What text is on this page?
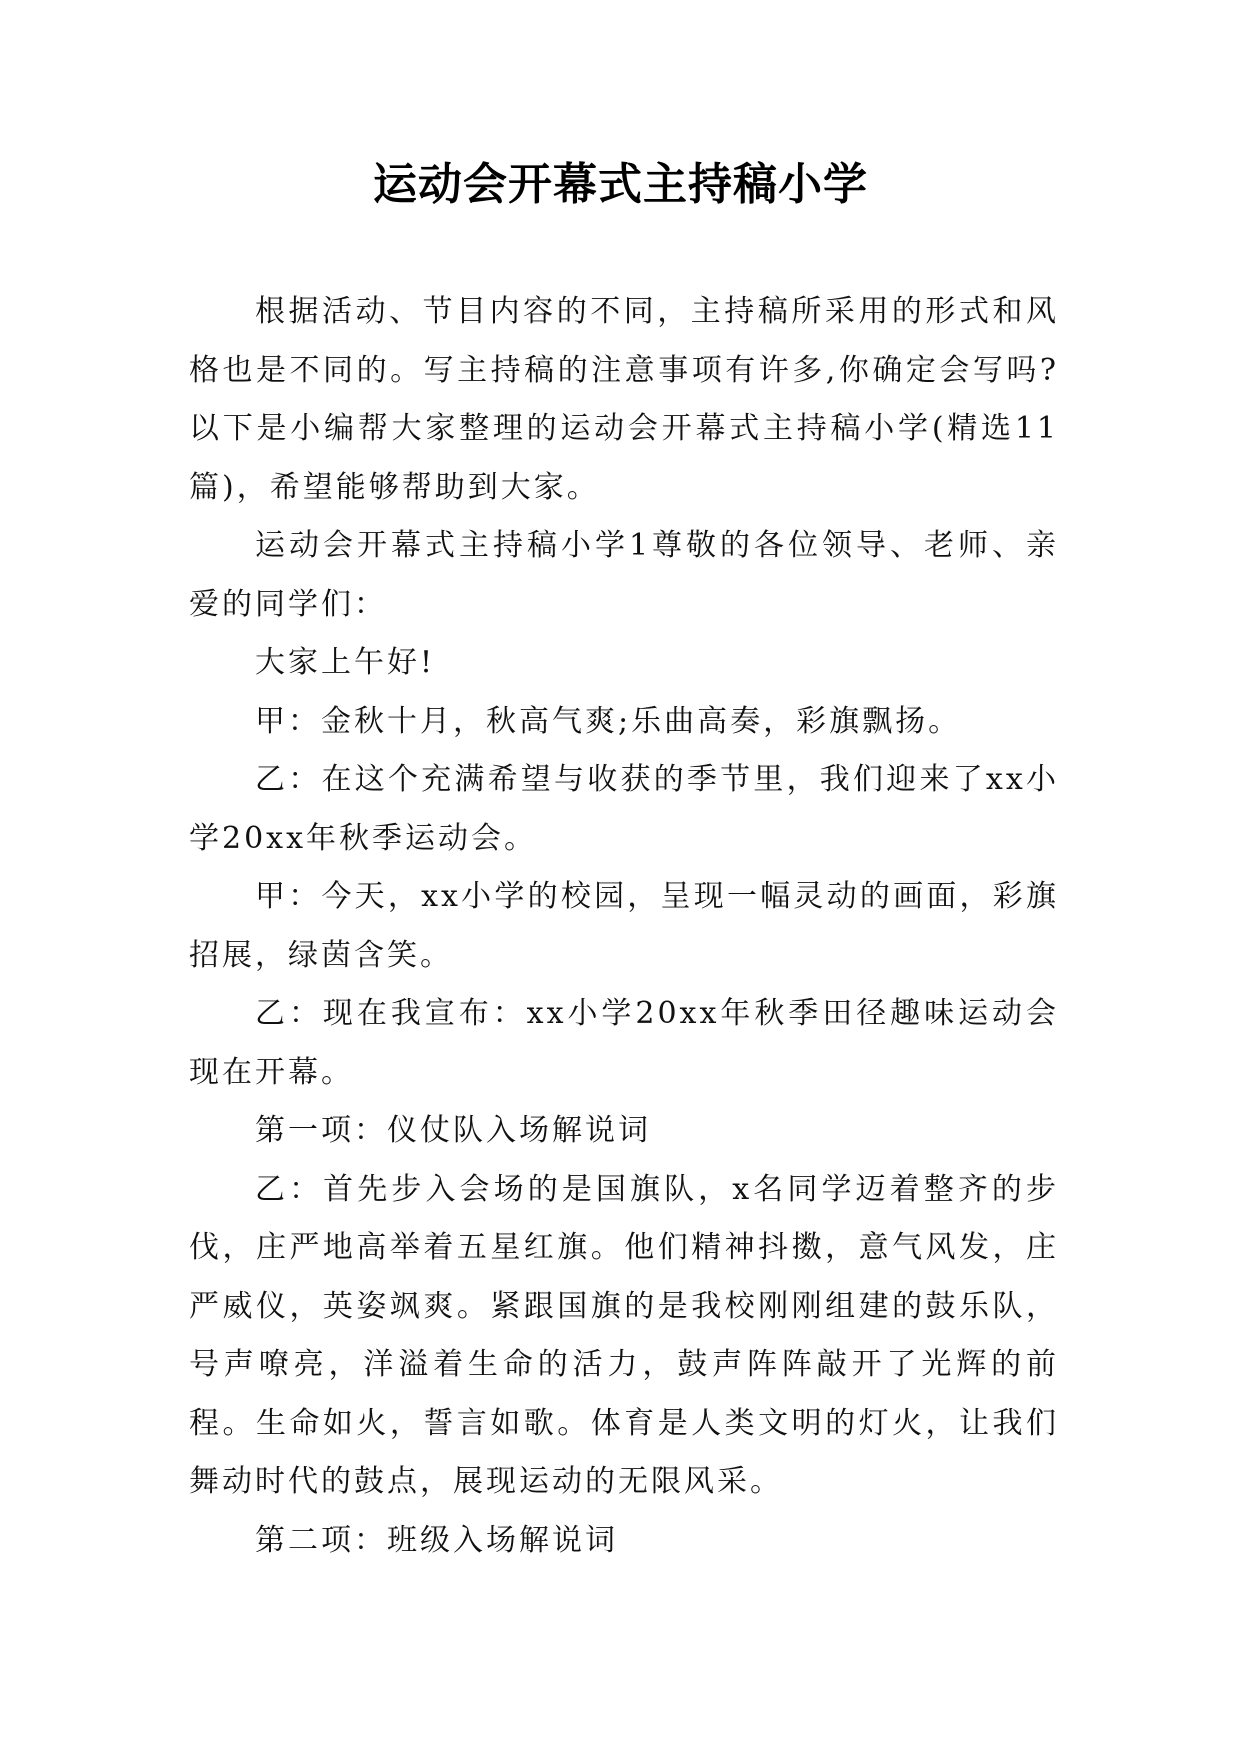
运动会开幕式主持稿小学

根据活动、节目内容的不同，主持稿所采用的形式和风格也是不同的。写主持稿的注意事项有许多,你确定会写吗?以下是小编帮大家整理的运动会开幕式主持稿小学(精选11篇)，希望能够帮助到大家。

运动会开幕式主持稿小学1尊敬的各位领导、老师、亲爱的同学们：

大家上午好!

甲：金秋十月，秋高气爽;乐曲高奏，彩旗飘扬。

乙：在这个充满希望与收获的季节里，我们迎来了xx小学20xx年秋季运动会。

甲：今天，xx小学的校园，呈现一幅灵动的画面，彩旗招展，绿茵含笑。

乙：现在我宣布：xx小学20xx年秋季田径趣味运动会现在开幕。

第一项：仪仗队入场解说词

乙：首先步入会场的是国旗队，x名同学迈着整齐的步伐，庄严地高举着五星红旗。他们精神抖擞，意气风发，庄严威仪，英姿飒爽。紧跟国旗的是我校刚刚组建的鼓乐队，号声嘹亮，洋溢着生命的活力，鼓声阵阵敲开了光辉的前程。生命如火，誓言如歌。体育是人类文明的灯火，让我们舞动时代的鼓点，展现运动的无限风采。

第二项：班级入场解说词
